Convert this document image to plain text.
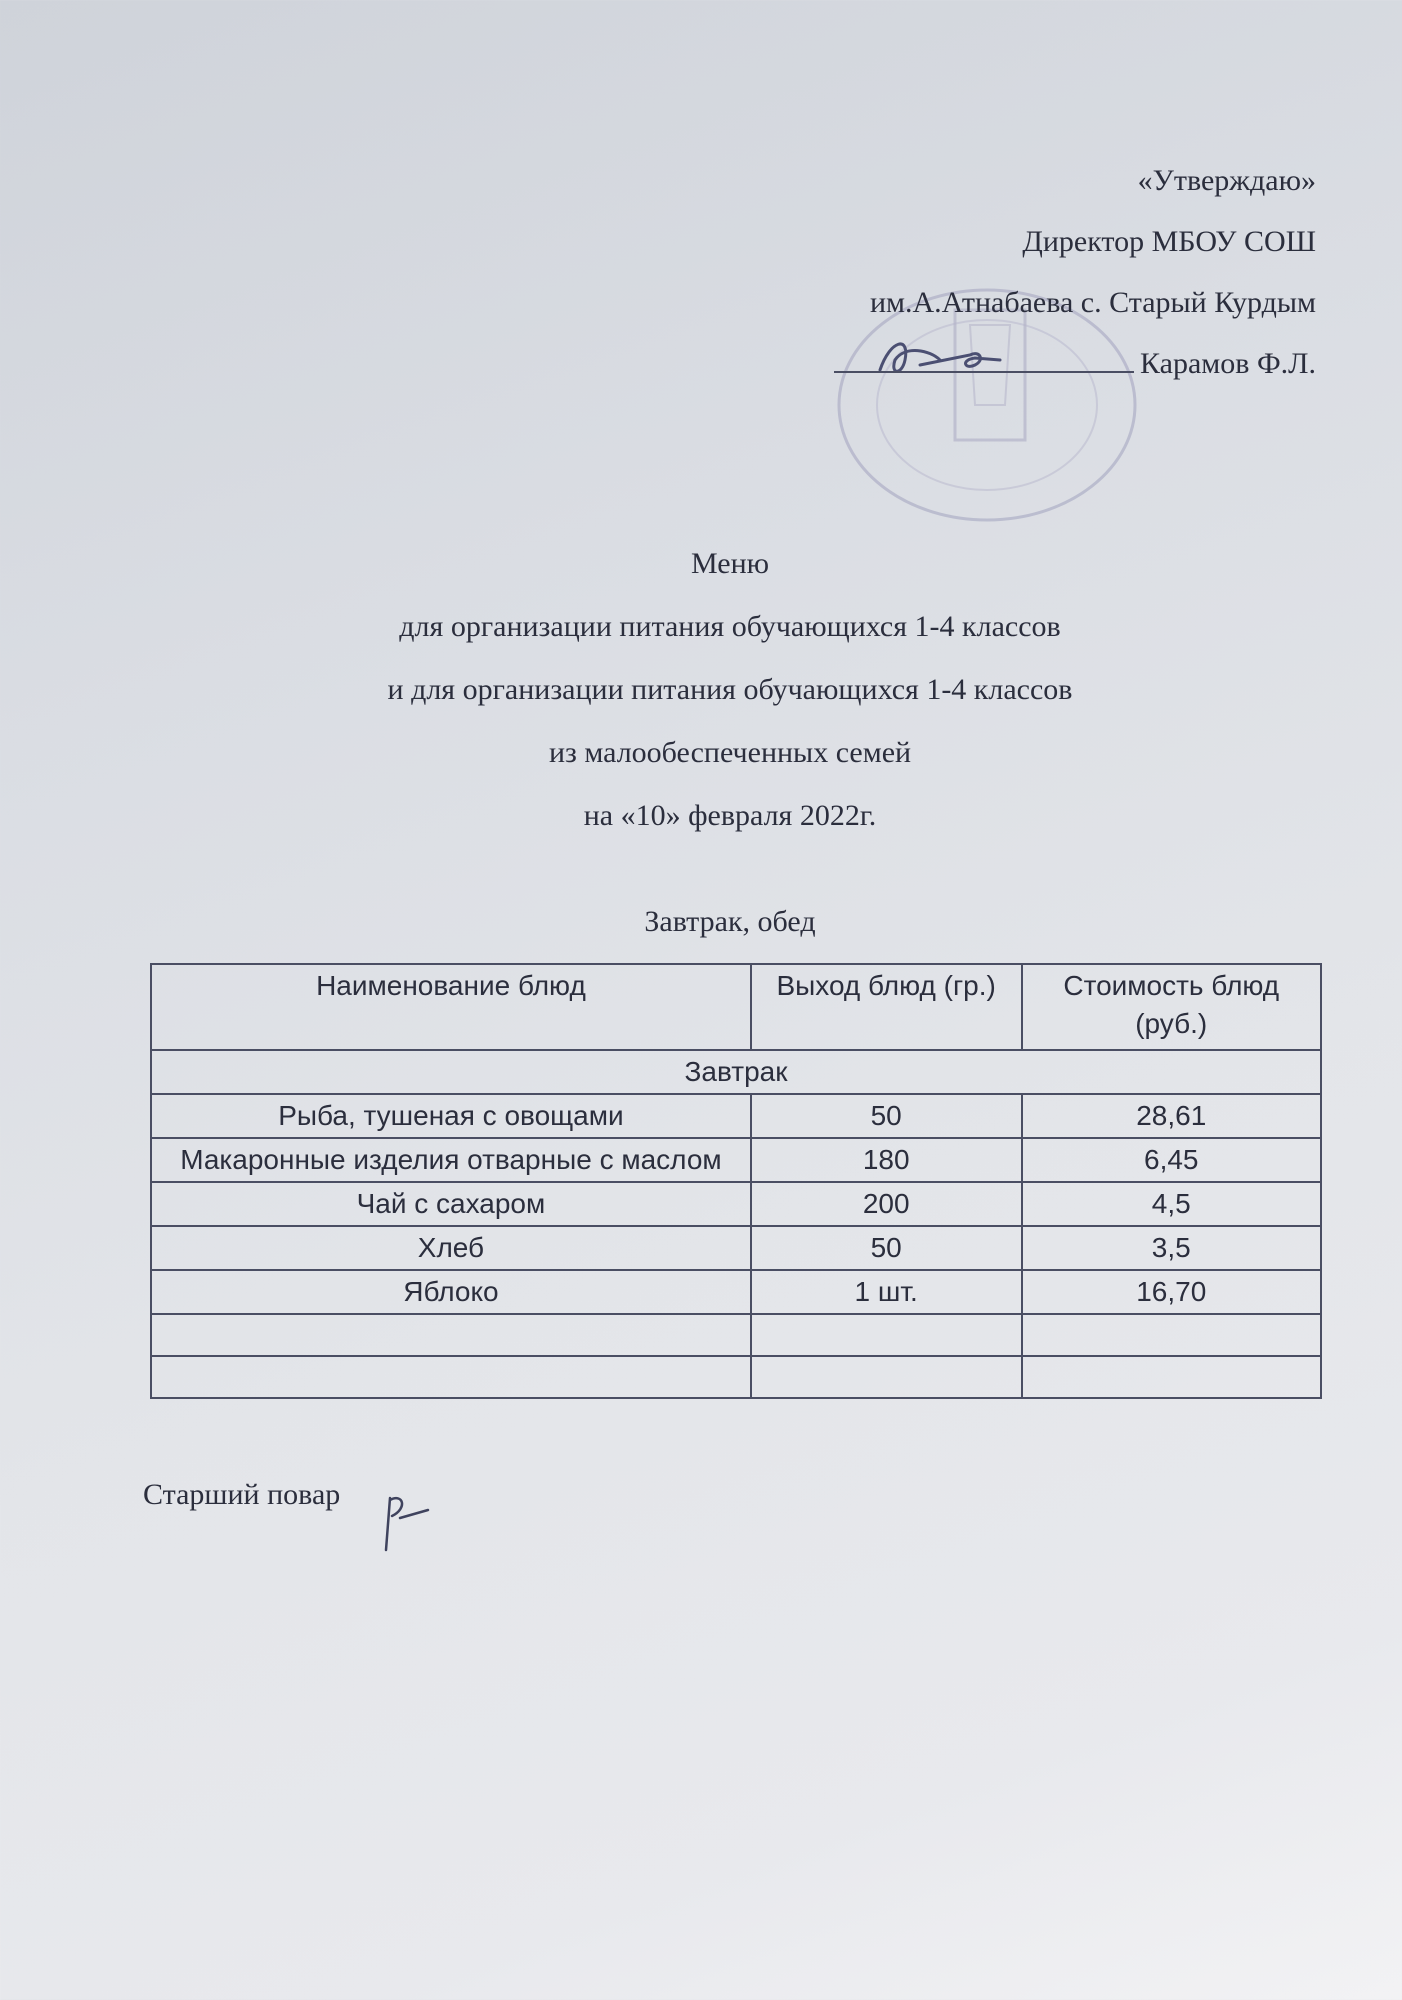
«Утверждаю»
Директор МБОУ СОШ
им.А.Атнабаева с. Старый Курдым
Карамов Ф.Л.
Меню
для организации питания обучающихся 1-4 классов
и для организации питания обучающихся 1-4 классов
из малообеспеченных семей
на «10» февраля 2022г.
Завтрак, обед
Наименование блюд	Выход блюд (гр.)	Стоимость блюд (руб.)
Завтрак		
Рыба, тушеная с овощами	50	28,61
Макаронные изделия отварные с маслом	180	6,45
Чай с сахаром	200	4,5
Хлеб	50	3,5
Яблоко	1 шт.	16,70

Старший повар
